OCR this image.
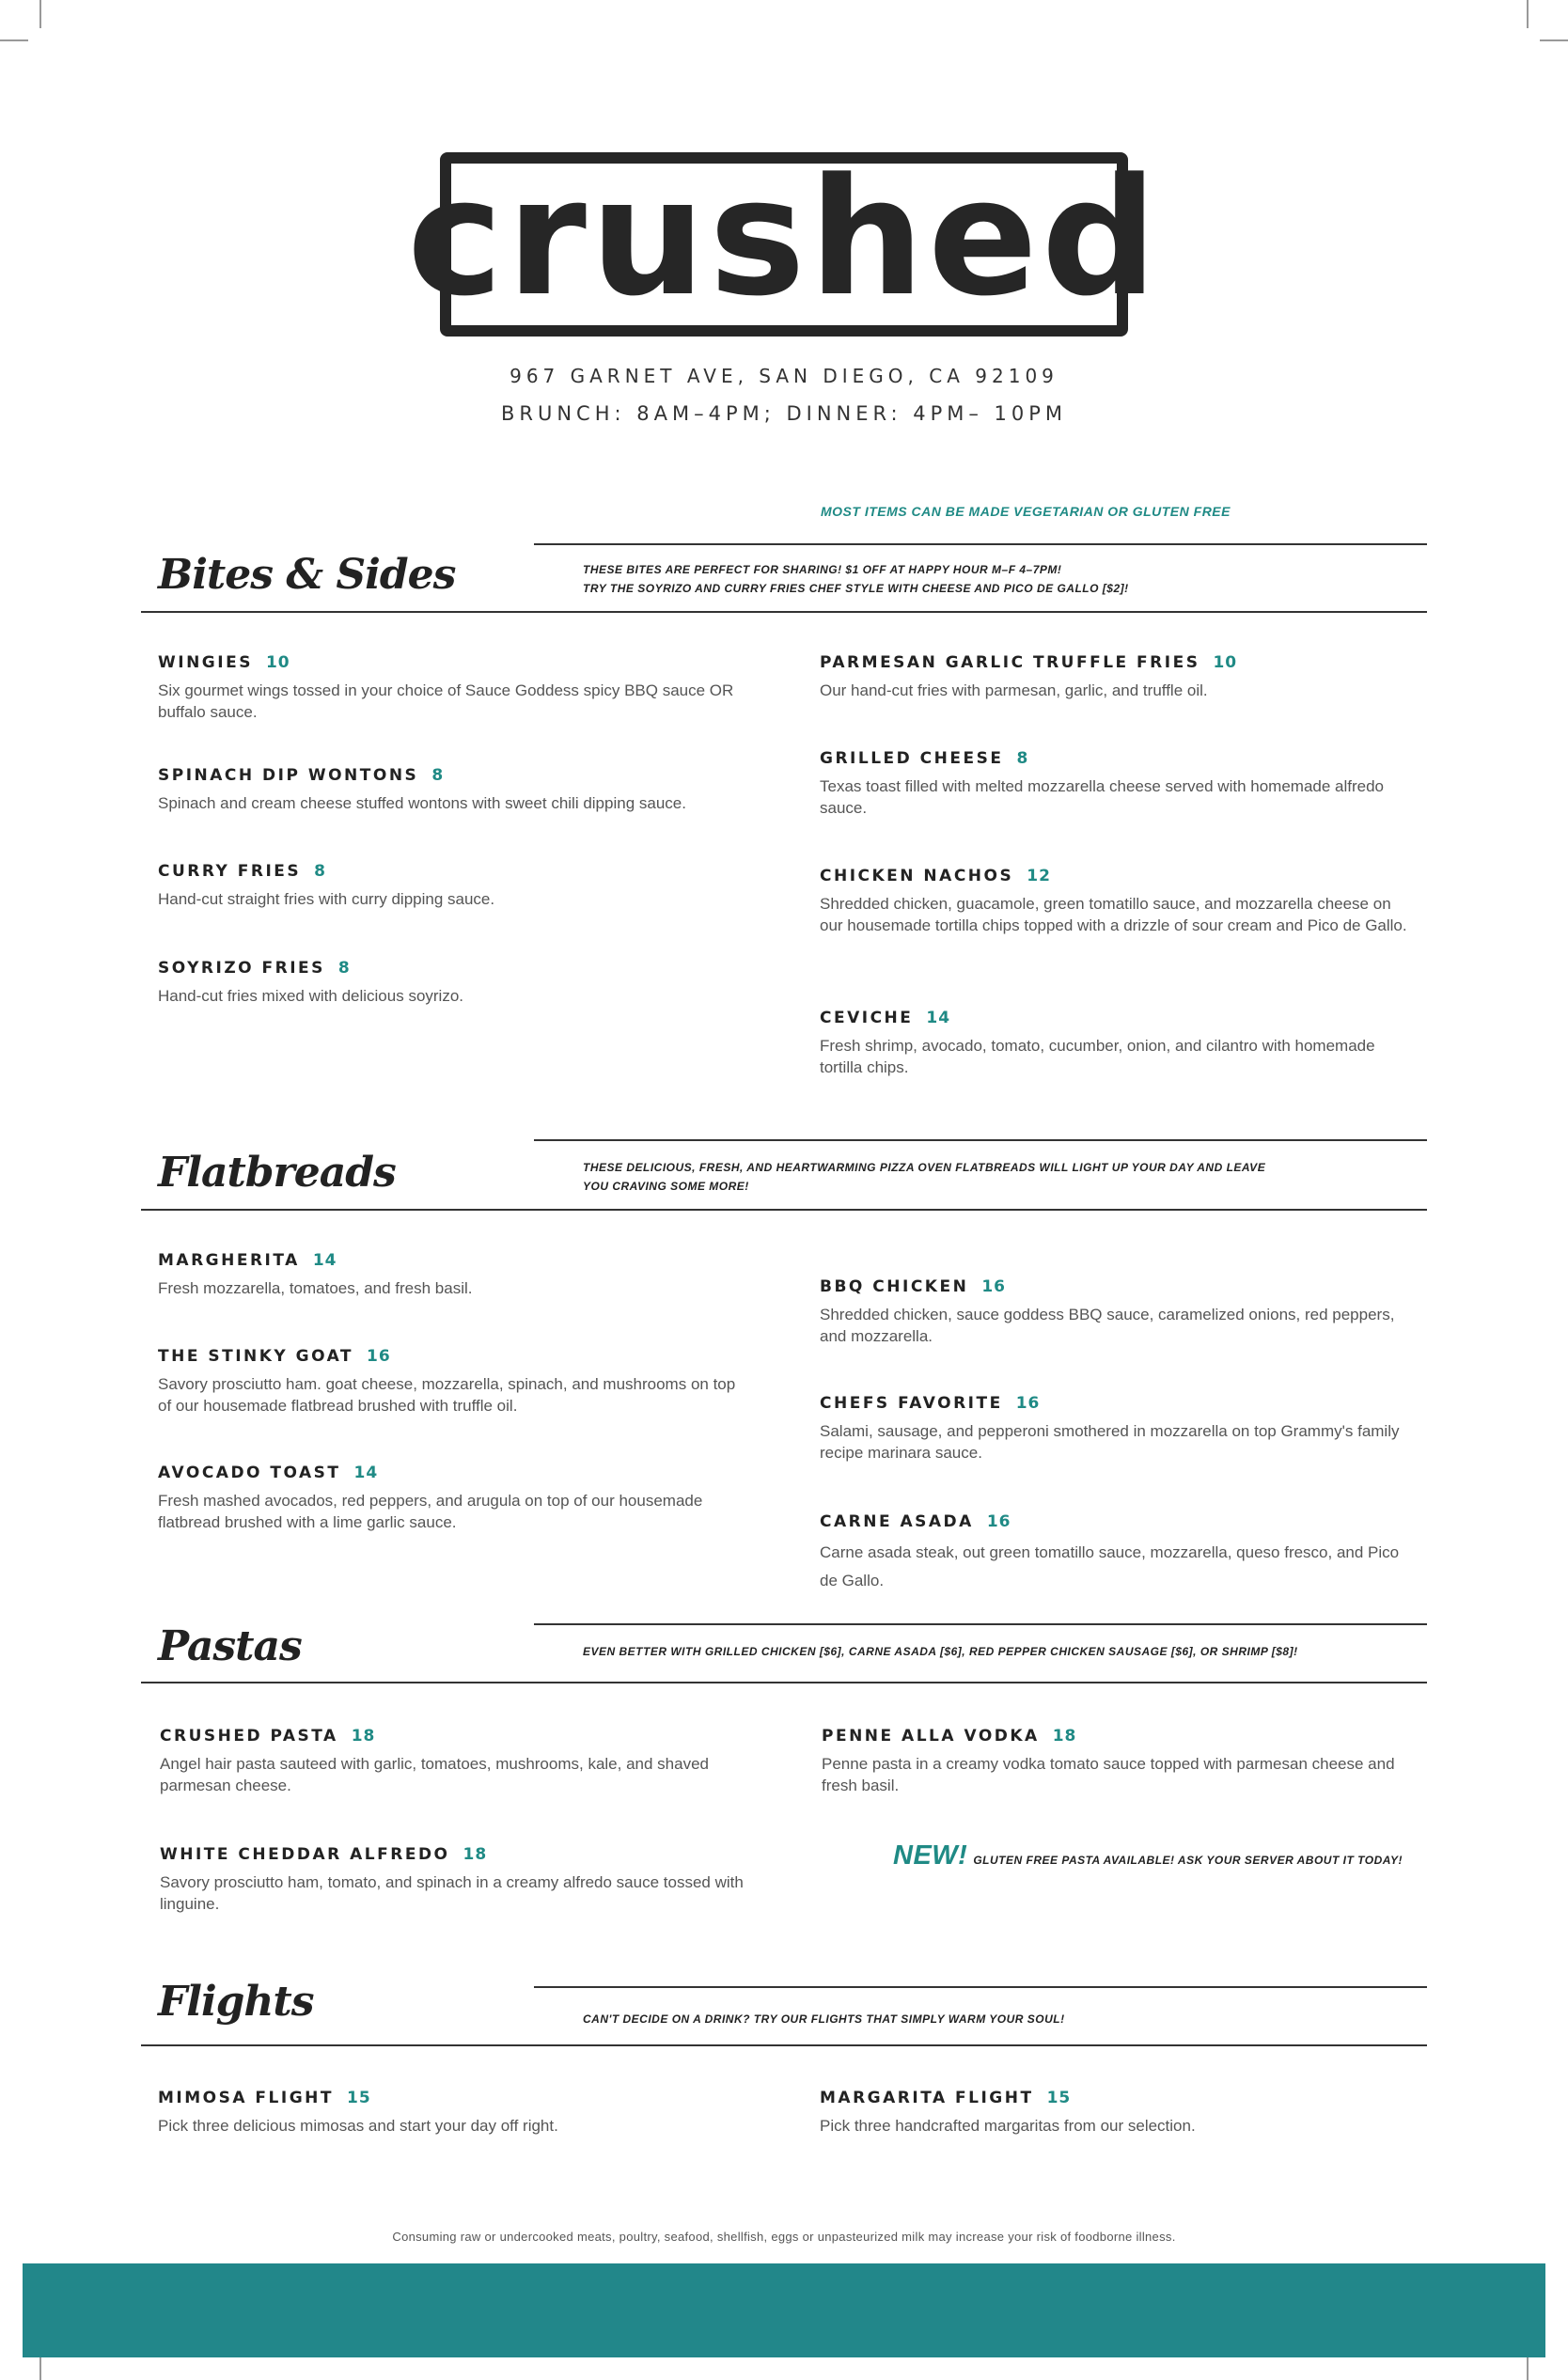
crushed
967 GARNET AVE, SAN DIEGO, CA 92109
BRUNCH: 8AM–4PM; DINNER: 4PM– 10PM
MOST ITEMS CAN BE MADE VEGETARIAN OR GLUTEN FREE
Bites & Sides	THESE BITES ARE PERFECT FOR SHARING! $1 OFF AT HAPPY HOUR M–F 4–7PM!
TRY THE SOYRIZO AND CURRY FRIES CHEF STYLE WITH CHEESE AND PICO DE GALLO [$2]!
WINGIES 10
Six gourmet wings tossed in your choice of Sauce Goddess spicy BBQ sauce OR buffalo sauce.
SPINACH DIP WONTONS 8
Spinach and cream cheese stuffed wontons with sweet chili dipping sauce.
CURRY FRIES 8
Hand-cut straight fries with curry dipping sauce.
SOYRIZO FRIES 8
Hand-cut fries mixed with delicious soyrizo.
PARMESAN GARLIC TRUFFLE FRIES 10
Our hand-cut fries with parmesan, garlic, and truffle oil.
GRILLED CHEESE 8
Texas toast filled with melted mozzarella cheese served with homemade alfredo sauce.
CHICKEN NACHOS 12
Shredded chicken, guacamole, green tomatillo sauce, and mozzarella cheese on our housemade tortilla chips topped with a drizzle of sour cream and Pico de Gallo.
CEVICHE 14
Fresh shrimp, avocado, tomato, cucumber, onion, and cilantro with homemade tortilla chips.
Flatbreads	THESE DELICIOUS, FRESH, AND HEARTWARMING PIZZA OVEN FLATBREADS WILL LIGHT UP YOUR DAY AND LEAVE
YOU CRAVING SOME MORE!
MARGHERITA 14
Fresh mozzarella, tomatoes, and fresh basil.
THE STINKY GOAT 16
Savory prosciutto ham. goat cheese, mozzarella, spinach, and mushrooms on top of our housemade flatbread brushed with truffle oil.
AVOCADO TOAST 14
Fresh mashed avocados, red peppers, and arugula on top of our housemade flatbread brushed with a lime garlic sauce.
BBQ CHICKEN 16
Shredded chicken, sauce goddess BBQ sauce, caramelized onions, red peppers, and mozzarella.
CHEFS FAVORITE 16
Salami, sausage, and pepperoni smothered in mozzarella on top Grammy's family recipe marinara sauce.
CARNE ASADA 16
Carne asada steak, out green tomatillo sauce, mozzarella, queso fresco, and Pico de Gallo.
Pastas	EVEN BETTER WITH GRILLED CHICKEN [$6], CARNE ASADA [$6], RED PEPPER CHICKEN SAUSAGE [$6], OR SHRIMP [$8]!
CRUSHED PASTA 18
Angel hair pasta sauteed with garlic, tomatoes, mushrooms, kale, and shaved parmesan cheese.
WHITE CHEDDAR ALFREDO 18
Savory prosciutto ham, tomato, and spinach in a creamy alfredo sauce tossed with linguine.
PENNE ALLA VODKA 18
Penne pasta in a creamy vodka tomato sauce topped with parmesan cheese and fresh basil.
NEW! GLUTEN FREE PASTA AVAILABLE! ASK YOUR SERVER ABOUT IT TODAY!
Flights	CAN'T DECIDE ON A DRINK? TRY OUR FLIGHTS THAT SIMPLY WARM YOUR SOUL!
MIMOSA FLIGHT 15
Pick three delicious mimosas and start your day off right.
MARGARITA FLIGHT 15
Pick three handcrafted margaritas from our selection.
Consuming raw or undercooked meats, poultry, seafood, shellfish, eggs or unpasteurized milk may increase your risk of foodborne illness.
